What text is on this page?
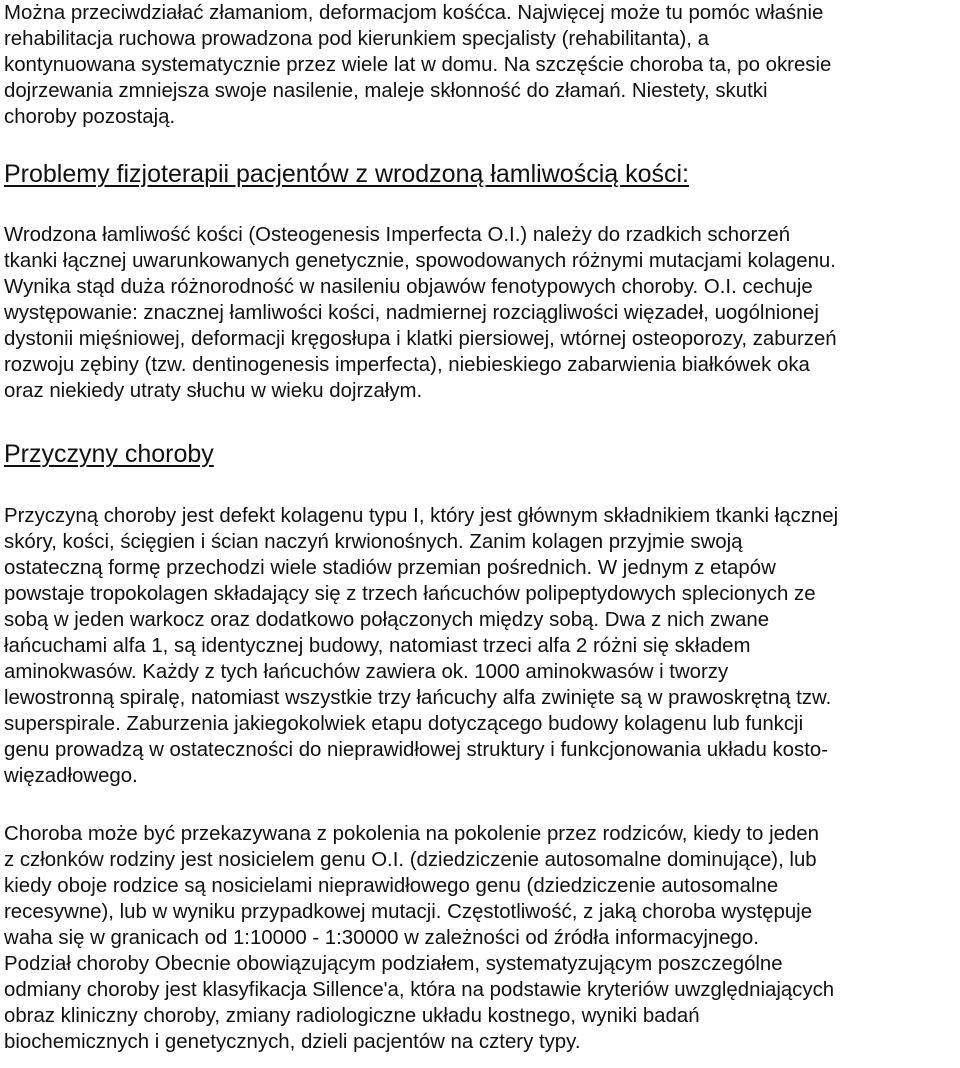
Można przeciwdziałać złamaniom, deformacjom kośćca. Najwięcej może tu pomóc właśnie
rehabilitacja ruchowa prowadzona pod kierunkiem specjalisty (rehabilitanta), a
kontynuowana systematycznie przez wiele lat w domu. Na szczęście choroba ta, po okresie
dojrzewania zmniejsza swoje nasilenie, maleje skłonność do złamań. Niestety, skutki
choroby pozostają.
Problemy fizjoterapii pacjentów z wrodzoną łamliwością kości:
Wrodzona łamliwość kości (Osteogenesis Imperfecta O.I.) należy do rzadkich schorzeń
tkanki łącznej uwarunkowanych genetycznie, spowodowanych różnymi mutacjami kolagenu.
Wynika stąd duża różnorodność w nasileniu objawów fenotypowych choroby. O.I. cechuje
występowanie: znacznej łamliwości kości, nadmiernej rozciągliwości więzadeł, uogólnionej
dystonii mięśniowej, deformacji kręgosłupa i klatki piersiowej, wtórnej osteoporozy, zaburzeń
rozwoju zębiny (tzw. dentinogenesis imperfecta), niebieskiego zabarwienia białkówek oka
oraz niekiedy utraty słuchu w wieku dojrzałym.
Przyczyny choroby
Przyczyną choroby jest defekt kolagenu typu I, który jest głównym składnikiem tkanki łącznej
skóry, kości, ścięgien i ścian naczyń krwionośnych. Zanim kolagen przyjmie swoją
ostateczną formę przechodzi wiele stadiów przemian pośrednich. W jednym z etapów
powstaje tropokolagen składający się z trzech łańcuchów polipeptydowych splecionych ze
sobą w jeden warkocz oraz dodatkowo połączonych między sobą. Dwa z nich zwane
łańcuchami alfa 1, są identycznej budowy, natomiast trzeci alfa 2 różni się składem
aminokwasów. Każdy z tych łańcuchów zawiera ok. 1000 aminokwasów i tworzy
lewostronną spiralę, natomiast wszystkie trzy łańcuchy alfa zwinięte są w prawoskrętną tzw.
superspirale. Zaburzenia jakiegokolwiek etapu dotyczącego budowy kolagenu lub funkcji
genu prowadzą w ostateczności do nieprawidłowej struktury i funkcjonowania układu kosto-
więzadłowego.
Choroba może być przekazywana z pokolenia na pokolenie przez rodziców, kiedy to jeden
z członków rodziny jest nosicielem genu O.I. (dziedziczenie autosomalne dominujące), lub
kiedy oboje rodzice są nosicielami nieprawidłowego genu (dziedziczenie autosomalne
recesywne), lub w wyniku przypadkowej mutacji. Częstotliwość, z jaką choroba występuje
waha się w granicach od 1:10000 - 1:30000 w zależności od źródła informacyjnego.
Podział choroby Obecnie obowiązującym podziałem, systematyzującym poszczególne
odmiany choroby jest klasyfikacja Sillence'a, która na podstawie kryteriów uwzględniających
obraz kliniczny choroby, zmiany radiologiczne układu kostnego, wyniki badań
biochemicznych i genetycznych, dzieli pacjentów na cztery typy.
